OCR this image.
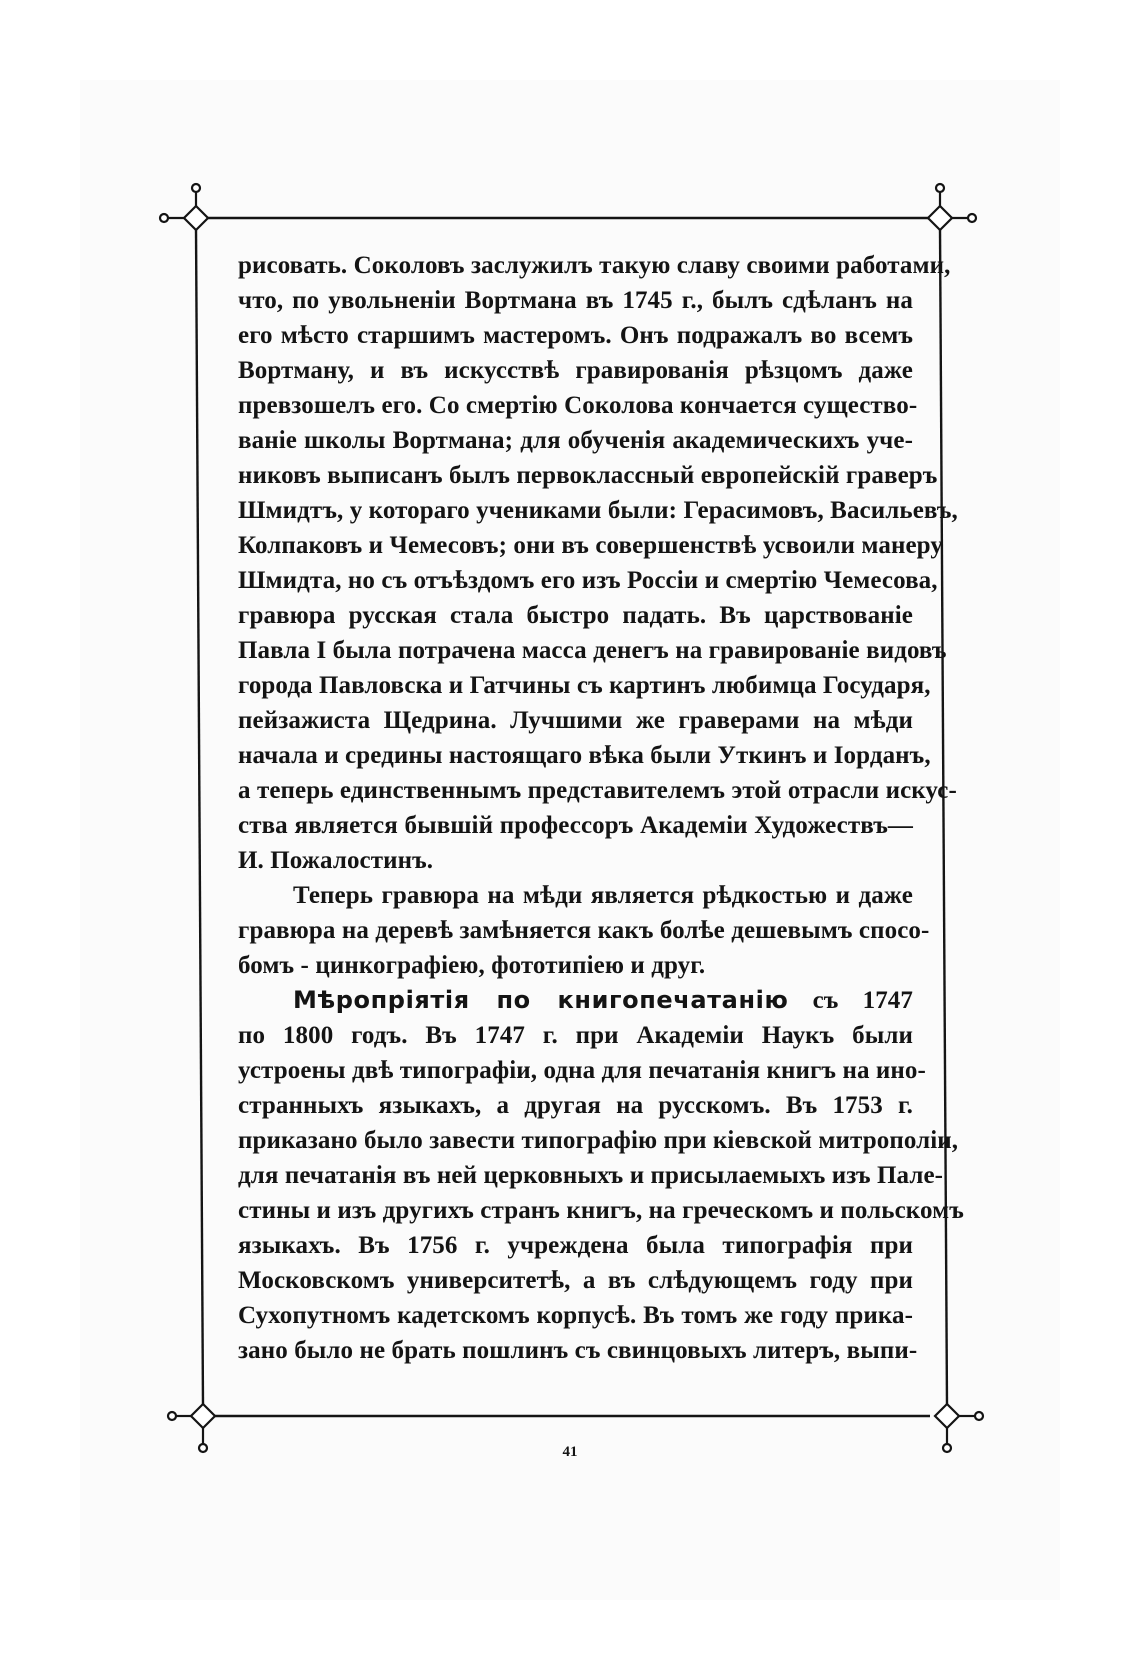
рисовать. Соколовъ заслужилъ такую славу своими работами,
что, по увольненіи Вортмана въ 1745 г., былъ сдѣланъ на
его мѣсто старшимъ мастеромъ. Онъ подражалъ во всемъ
Вортману, и въ искусствѣ гравированія рѣзцомъ даже
превзошелъ его. Со смертію Соколова кончается существо-
ваніе школы Вортмана; для обученія академическихъ уче-
никовъ выписанъ былъ первоклассный европейскій граверъ
Шмидтъ, у котораго учениками были: Герасимовъ, Васильевъ,
Колпаковъ и Чемесовъ; они въ совершенствѣ усвоили манеру
Шмидта, но съ отъѣздомъ его изъ Россіи и смертію Чемесова,
гравюра русская стала быстро падать. Въ царствованіе
Павла I была потрачена масса денегъ на гравированіе видовъ
города Павловска и Гатчины съ картинъ любимца Государя,
пейзажиста Щедрина. Лучшими же граверами на мѣди
начала и средины настоящаго вѣка были Уткинъ и Іорданъ,
а теперь единственнымъ представителемъ этой отрасли искус-
ства является бывшій профессоръ Академіи Художествъ—
И. Пожалостинъ.
Теперь гравюра на мѣди является рѣдкостью и даже
гравюра на деревѣ замѣняется какъ болѣе дешевымъ спосо-
бомъ - цинкографіею, фототипіею и друг.
Мѣропріятія по книгопечатанію съ 1747
по 1800 годъ. Въ 1747 г. при Академіи Наукъ были
устроены двѣ типографіи, одна для печатанія книгъ на ино-
странныхъ языкахъ, а другая на русскомъ. Въ 1753 г.
приказано было завести типографію при кіевской митрополіи,
для печатанія въ ней церковныхъ и присылаемыхъ изъ Пале-
стины и изъ другихъ странъ книгъ, на греческомъ и польскомъ
языкахъ. Въ 1756 г. учреждена была типографія при
Московскомъ университетѣ, а въ слѣдующемъ году при
Сухопутномъ кадетскомъ корпусѣ. Въ томъ же году прика-
зано было не брать пошлинъ съ свинцовыхъ литеръ, выпи-
41
